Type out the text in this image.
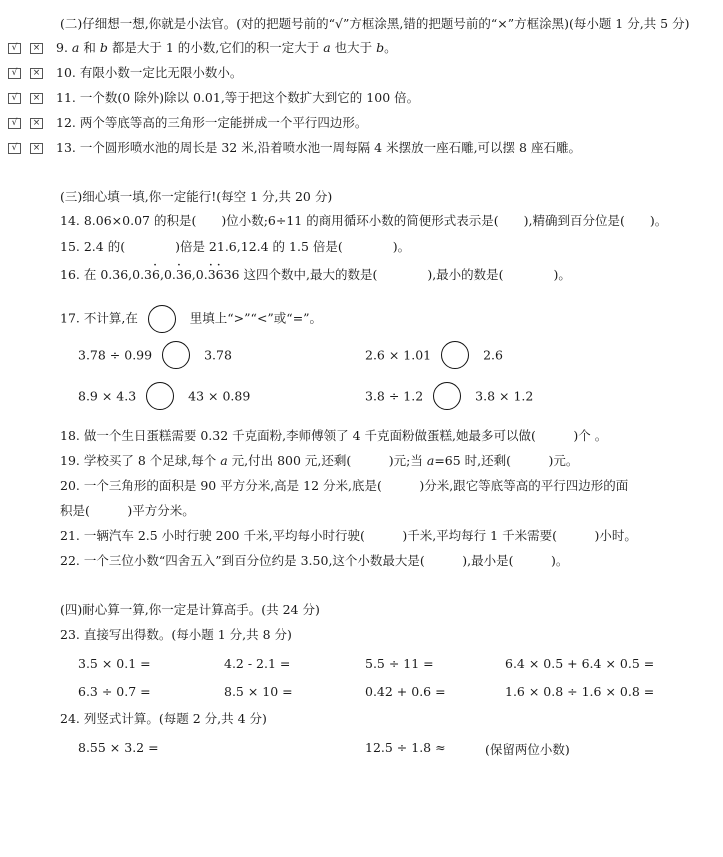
(二)仔细想一想,你就是小法官。(对的把题号前的“√”方框涂黑,错的把题号前的“×”方框涂黑)(每小题 1 分,共 5 分)
√ × 9. a 和 b 都是大于 1 的小数,它们的积一定大于 a 也大于 b。
√ × 10. 有限小数一定比无限小数小。
√ × 11. 一个数(0 除外)除以 0.01,等于把这个数扩大到它的 100 倍。
√ × 12. 两个等底等高的三角形一定能拼成一个平行四边形。
√ × 13. 一个圆形喷水池的周长是 32 米,沿着喷水池一周每隔 4 米摆放一座石雕,可以摆 8 座石雕。
(三)细心填一填,你一定能行!(每空 1 分,共 20 分)
14. 8.06×0.07 的积是(　　)位小数;6÷11 的商用循环小数的简便形式表示是(　　),精确到百分位是(　　)。
15. 2.4 的(　　　　)倍是 21.6,12.4 的 1.5 倍是(　　　　)。
16. 在 0.36,0.36,0.3 ·6,0.3 ·6 ·36 这四个数中,最大的数是(　　　　),最小的数是(　　　　)。
17. 不计算,在	里填上“>”“<”或“=”。
3.78 ÷ 0.99	3.78	2.6 × 1.01	2.6
8.9 × 4.3	43 × 0.89	3.8 ÷ 1.2	3.8 × 1.2
18. 做一个生日蛋糕需要 0.32 千克面粉,李师傅领了 4 千克面粉做蛋糕,她最多可以做(　　　)个 。
19. 学校买了 8 个足球,每个 a 元,付出 800 元,还剩(　　　)元;当 a=65 时,还剩(　　　)元。
20. 一个三角形的面积是 90 平方分米,高是 12 分米,底是(　　　)分米,跟它等底等高的平行四边形的面
积是(　　　)平方分米。
21. 一辆汽车 2.5 小时行驶 200 千米,平均每小时行驶(　　　)千米,平均每行 1 千米需要(　　　)小时。
22. 一个三位小数“四舍五入”到百分位约是 3.50,这个小数最大是(　　　),最小是(　　　)。
(四)耐心算一算,你一定是计算高手。(共 24 分)
23. 直接写出得数。(每小题 1 分,共 8 分)
3.5 × 0.1 =	4.2 - 2.1 =	5.5 ÷ 11 =	6.4 × 0.5 + 6.4 × 0.5 =
6.3 ÷ 0.7 =	8.5 × 10 =	0.42 + 0.6 =	1.6 × 0.8 ÷ 1.6 × 0.8 =
24. 列竖式计算。(每题 2 分,共 4 分)
8.55 × 3.2 =	12.5 ÷ 1.8 ≈	(保留两位小数)
